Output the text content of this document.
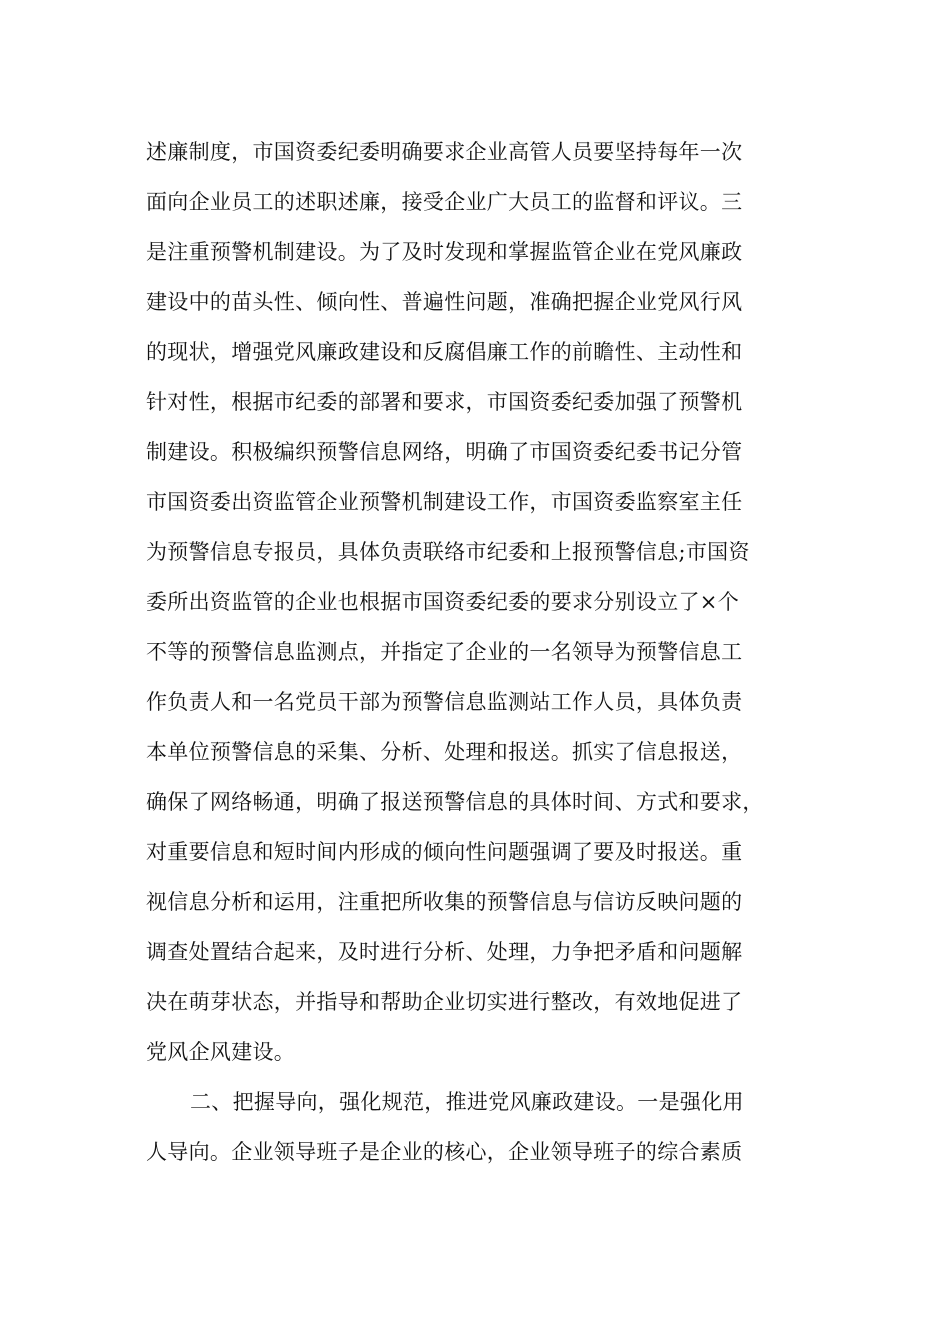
述廉制度，市国资委纪委明确要求企业高管人员要坚持每年一次
面向企业员工的述职述廉，接受企业广大员工的监督和评议。三
是注重预警机制建设。为了及时发现和掌握监管企业在党风廉政
建设中的苗头性、倾向性、普遍性问题，准确把握企业党风行风
的现状，增强党风廉政建设和反腐倡廉工作的前瞻性、主动性和
针对性，根据市纪委的部署和要求，市国资委纪委加强了预警机
制建设。积极编织预警信息网络，明确了市国资委纪委书记分管
市国资委出资监管企业预警机制建设工作，市国资委监察室主任
为预警信息专报员，具体负责联络市纪委和上报预警信息;市国资
委所出资监管的企业也根据市国资委纪委的要求分别设立了×个
不等的预警信息监测点，并指定了企业的一名领导为预警信息工
作负责人和一名党员干部为预警信息监测站工作人员，具体负责
本单位预警信息的采集、分析、处理和报送。抓实了信息报送，
确保了网络畅通，明确了报送预警信息的具体时间、方式和要求，
对重要信息和短时间内形成的倾向性问题强调了要及时报送。重
视信息分析和运用，注重把所收集的预警信息与信访反映问题的
调查处置结合起来，及时进行分析、处理，力争把矛盾和问题解
决在萌芽状态，并指导和帮助企业切实进行整改，有效地促进了
党风企风建设。
二、把握导向，强化规范，推进党风廉政建设。一是强化用
人导向。企业领导班子是企业的核心，企业领导班子的综合素质
